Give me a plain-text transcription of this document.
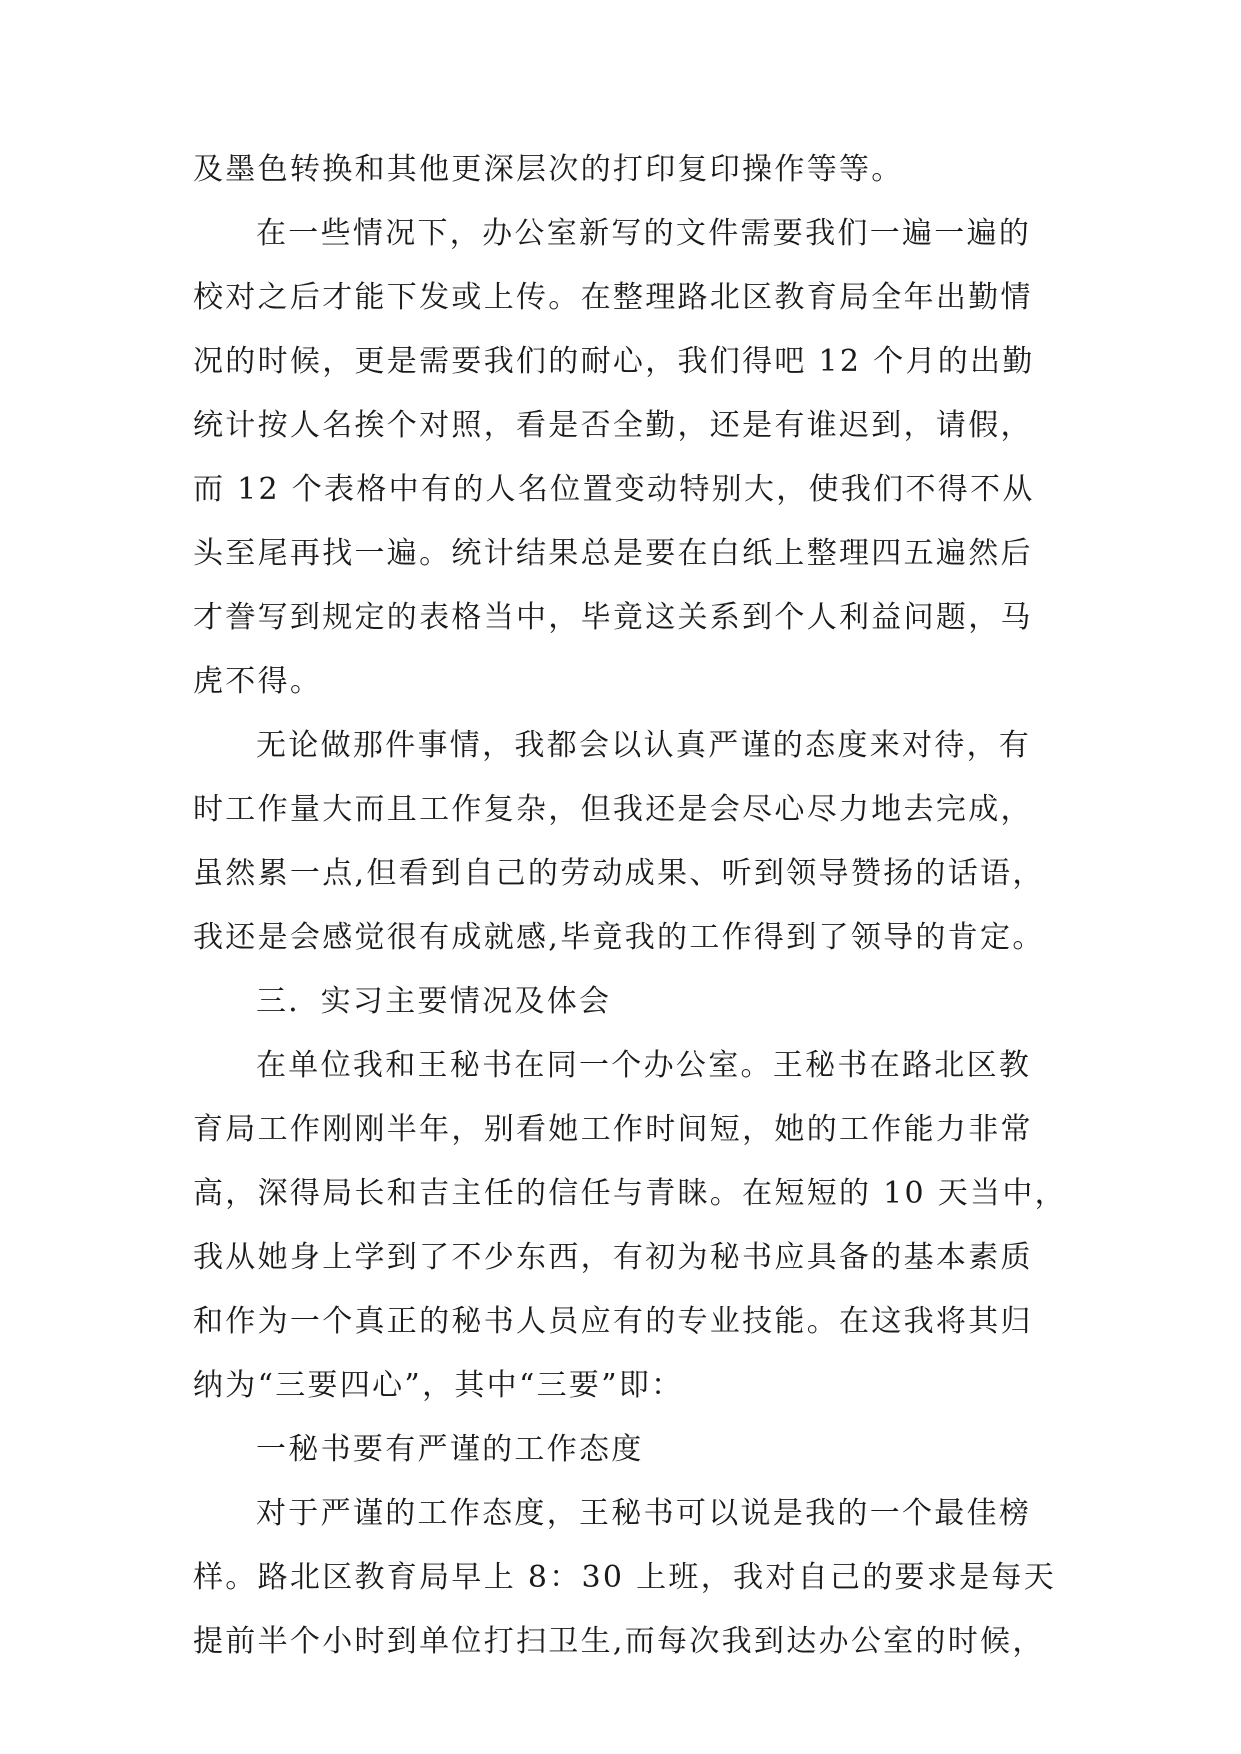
及墨色转换和其他更深层次的打印复印操作等等。
在一些情况下，办公室新写的文件需要我们一遍一遍的
校对之后才能下发或上传。在整理路北区教育局全年出勤情
况的时候，更是需要我们的耐心，我们得吧 12 个月的出勤
统计按人名挨个对照，看是否全勤，还是有谁迟到，请假，
而 12 个表格中有的人名位置变动特别大，使我们不得不从
头至尾再找一遍。统计结果总是要在白纸上整理四五遍然后
才誊写到规定的表格当中，毕竟这关系到个人利益问题，马
虎不得。
无论做那件事情，我都会以认真严谨的态度来对待，有
时工作量大而且工作复杂，但我还是会尽心尽力地去完成，
虽然累一点,但看到自己的劳动成果、听到领导赞扬的话语，
我还是会感觉很有成就感,毕竟我的工作得到了领导的肯定。
三．实习主要情况及体会
在单位我和王秘书在同一个办公室。王秘书在路北区教
育局工作刚刚半年，别看她工作时间短，她的工作能力非常
高，深得局长和吉主任的信任与青睐。在短短的 10 天当中，
我从她身上学到了不少东西，有初为秘书应具备的基本素质
和作为一个真正的秘书人员应有的专业技能。在这我将其归
纳为“三要四心”，其中“三要”即：
一秘书要有严谨的工作态度
对于严谨的工作态度，王秘书可以说是我的一个最佳榜
样。路北区教育局早上 8：30 上班，我对自己的要求是每天
提前半个小时到单位打扫卫生,而每次我到达办公室的时候，
